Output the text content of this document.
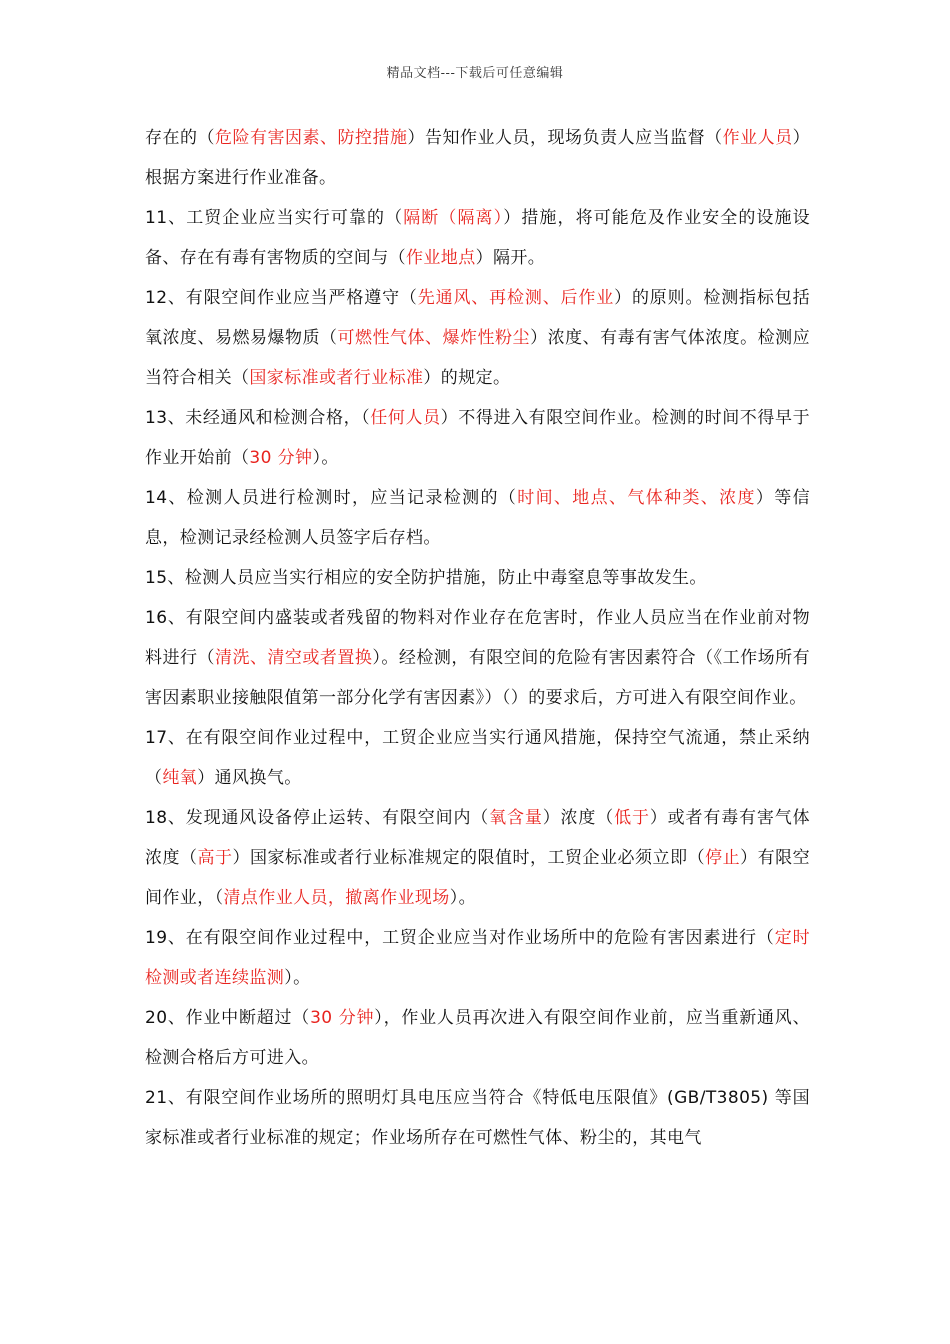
精品文档---下载后可任意编辑

存在的（危险有害因素、防控措施）告知作业人员，现场负责人应当监督（作业人员）根据方案进行作业准备。

11、工贸企业应当实行可靠的（隔断（隔离））措施，将可能危及作业安全的设施设备、存在有毒有害物质的空间与（作业地点）隔开。

12、有限空间作业应当严格遵守（先通风、再检测、后作业）的原则。检测指标包括氧浓度、易燃易爆物质（可燃性气体、爆炸性粉尘）浓度、有毒有害气体浓度。检测应当符合相关（国家标准或者行业标准）的规定。

13、未经通风和检测合格，（任何人员）不得进入有限空间作业。检测的时间不得早于作业开始前（30 分钟）。

14、检测人员进行检测时，应当记录检测的（时间、地点、气体种类、浓度）等信息，检测记录经检测人员签字后存档。

15、检测人员应当实行相应的安全防护措施，防止中毒窒息等事故发生。

16、有限空间内盛装或者残留的物料对作业存在危害时，作业人员应当在作业前对物料进行（清洗、清空或者置换）。经检测，有限空间的危险有害因素符合（《工作场所有害因素职业接触限值第一部分化学有害因素》）（）的要求后，方可进入有限空间作业。

17、在有限空间作业过程中，工贸企业应当实行通风措施，保持空气流通，禁止采纳（纯氧）通风换气。

18、发现通风设备停止运转、有限空间内（氧含量）浓度（低于）或者有毒有害气体浓度（高于）国家标准或者行业标准规定的限值时，工贸企业必须立即（停止）有限空间作业，（清点作业人员，撤离作业现场）。

19、在有限空间作业过程中，工贸企业应当对作业场所中的危险有害因素进行（定时检测或者连续监测）。

20、作业中断超过（30 分钟），作业人员再次进入有限空间作业前，应当重新通风、检测合格后方可进入。

21、有限空间作业场所的照明灯具电压应当符合《特低电压限值》(GB/T3805) 等国家标准或者行业标准的规定；作业场所存在可燃性气体、粉尘的，其电气
